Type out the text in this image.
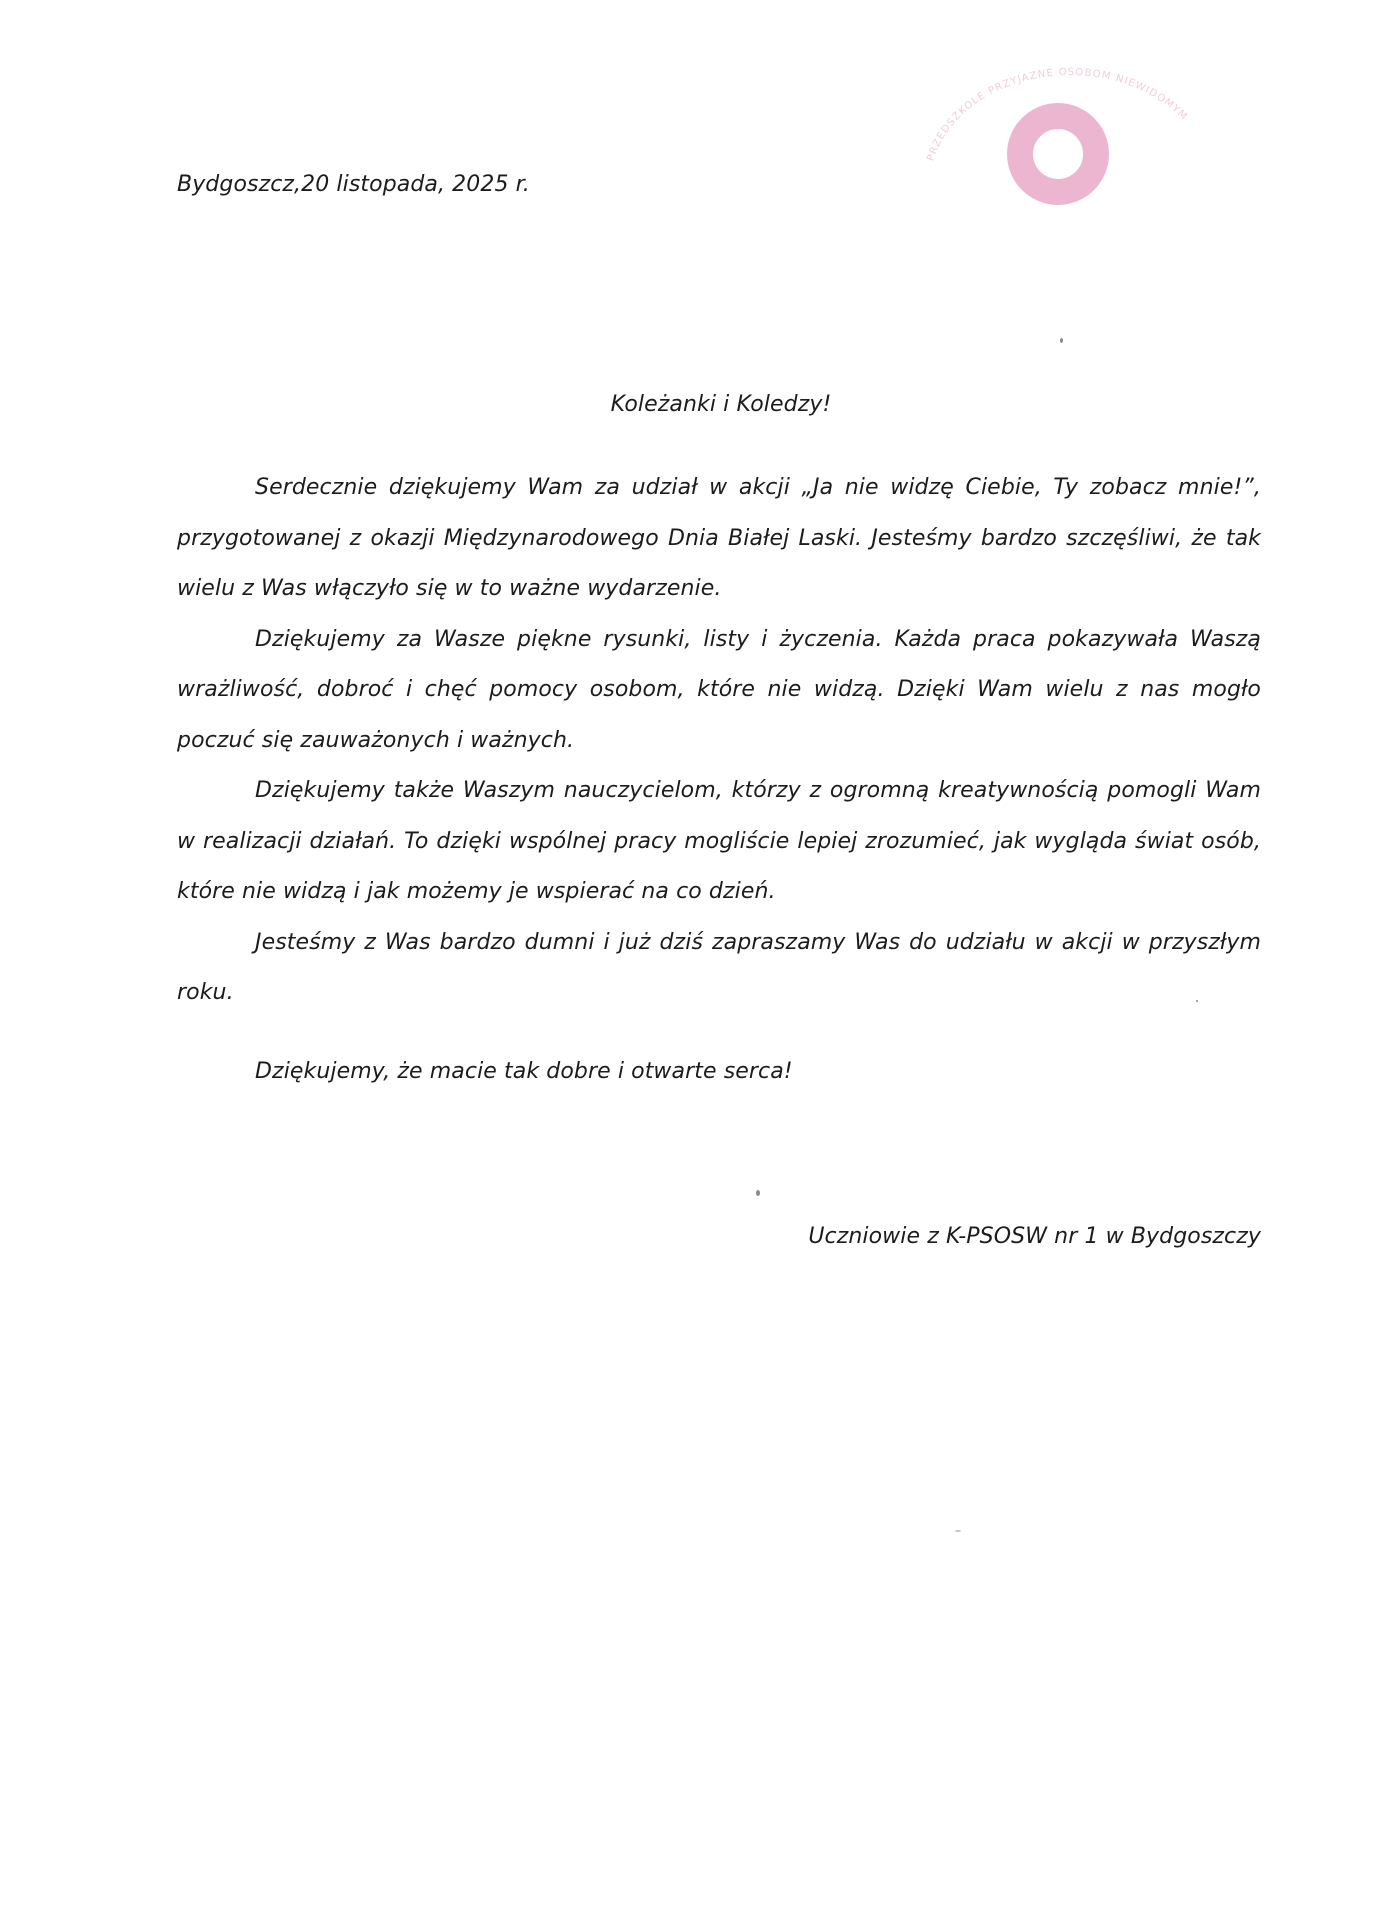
PRZEDSZKOLE PRZYJAZNE OSOBOM NIEWIDOMYM

Bydgoszcz,20 listopada, 2025 r.

Koleżanki i Koledzy!

Serdecznie dziękujemy Wam za udział w akcji „Ja nie widzę Ciebie, Ty zobacz mnie!”, przygotowanej z okazji Międzynarodowego Dnia Białej Laski. Jesteśmy bardzo szczęśliwi, że tak wielu z Was włączyło się w to ważne wydarzenie.

Dziękujemy za Wasze piękne rysunki, listy i życzenia. Każda praca pokazywała Waszą wrażliwość, dobroć i chęć pomocy osobom, które nie widzą. Dzięki Wam wielu z nas mogło poczuć się zauważonych i ważnych.

Dziękujemy także Waszym nauczycielom, którzy z ogromną kreatywnością pomogli Wam w realizacji działań. To dzięki wspólnej pracy mogliście lepiej zrozumieć, jak wygląda świat osób, które nie widzą i jak możemy je wspierać na co dzień.

Jesteśmy z Was bardzo dumni i już dziś zapraszamy Was do udziału w akcji w przyszłym roku.

Dziękujemy, że macie tak dobre i otwarte serca!

Uczniowie z K-PSOSW nr 1 w Bydgoszczy
